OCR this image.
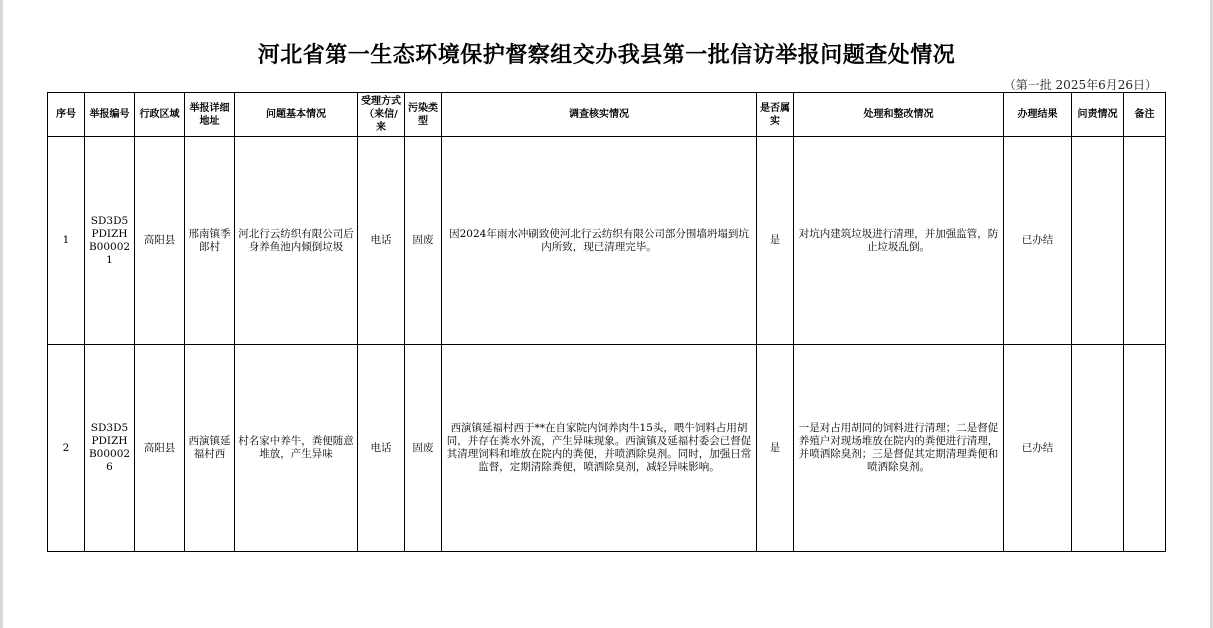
河北省第一生态环境保护督察组交办我县第一批信访举报问题查处情况
（第一批 2025年6月26日）
序号	举报编号	行政区域	举报详细地址	问题基本情况	受理方式（来信/来	污染类型	调查核实情况	是否属实	处理和整改情况	办理结果	问责情况	备注
1	SD3D5PDIZHB000021	高阳县	邢南镇季郎村	河北行云纺织有限公司后身养鱼池内倾倒垃圾	电话	固废	因2024年雨水冲刷致使河北行云纺织有限公司部分围墙坍塌到坑内所致，现已清理完毕。	是	对坑内建筑垃圾进行清理，并加强监管，防止垃圾乱倒。	已办结		
2	SD3D5PDIZHB000026	高阳县	西演镇延福村西	村名家中养牛，粪便随意堆放，产生异味	电话	固废	西演镇延福村西于**在自家院内饲养肉牛15头，喂牛饲料占用胡同，并存在粪水外流，产生异味现象。西演镇及延福村委会已督促其清理饲料和堆放在院内的粪便，并喷洒除臭剂。同时，加强日常监督，定期清除粪便，喷洒除臭剂，减轻异味影响。	是	一是对占用胡同的饲料进行清理；二是督促养殖户对现场堆放在院内的粪便进行清理，并喷洒除臭剂；三是督促其定期清理粪便和喷洒除臭剂。	已办结		
